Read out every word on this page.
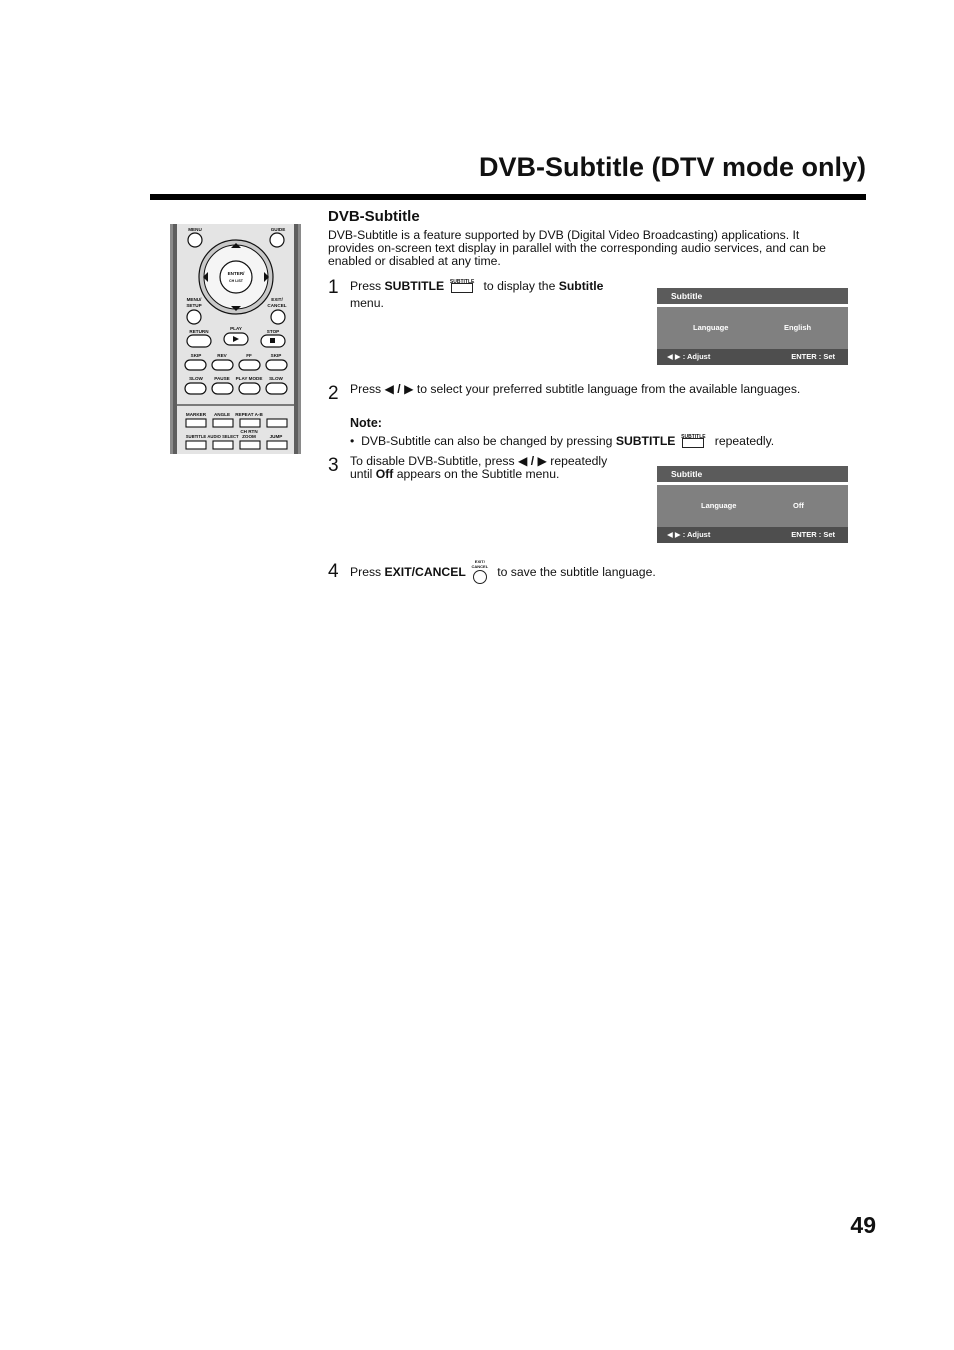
DVB-Subtitle (DTV mode only)
MENU	GUIDE
ENTER/
CH LIST
MENU/
SETUP
EXIT/
CANCEL
RETURN
PLAY
STOP
SKIP	REV	FF	SKIP
SLOW PAUSE PLAY MODE SLOW
MARKER ANGLE REPEAT A-B
CH RTN
SUBTITLE AUDIO SELECT ZOOM	JUMP
DVB-Subtitle

DVB-Subtitle is a feature supported by DVB (Digital Video Broadcasting) applications. It
provides on-screen text display in parallel with the corresponding audio services, and can be
enabled or disabled at any time.

1 Press SUBTITLE	SUBTITLE to display the Subtitle
menu.	Subtitle
Language	English
◀ ▶ : Adjust	ENTER : Set
2 Press ◀ / ▶ to select your preferred subtitle language from the available languages.
Note:
• DVB-Subtitle can also be changed by pressing SUBTITLE	SUBTITLE repeatedly.
3 To disable DVB-Subtitle, press ◀ / ▶ repeatedly
until Off appears on the Subtitle menu.	Subtitle
Language	Off
◀ ▶ : Adjust	ENTER : Set
4 Press EXIT/CANCEL
EXIT/
CANCEL to save the subtitle language.
49
